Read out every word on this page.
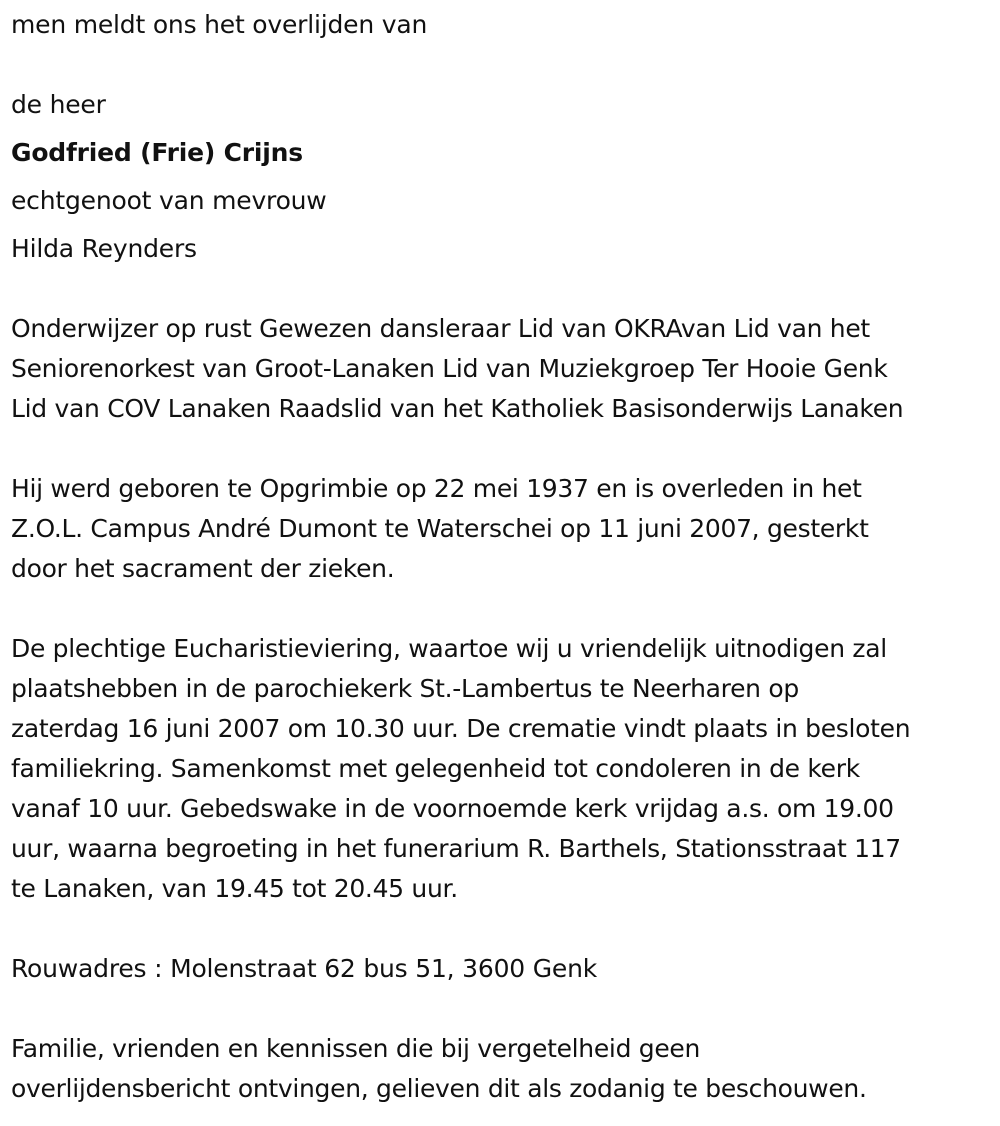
men meldt ons het overlijden van
de heer
Godfried (Frie) Crijns
echtgenoot van mevrouw
Hilda Reynders
Onderwijzer op rust Gewezen dansleraar Lid van OKRAvan Lid van het
Seniorenorkest van Groot-Lanaken Lid van Muziekgroep Ter Hooie Genk
Lid van COV Lanaken Raadslid van het Katholiek Basisonderwijs Lanaken
Hij werd geboren te Opgrimbie op 22 mei 1937 en is overleden in het
Z.O.L. Campus André Dumont te Waterschei op 11 juni 2007, gesterkt
door het sacrament der zieken.
De plechtige Eucharistieviering, waartoe wij u vriendelijk uitnodigen zal
plaatshebben in de parochiekerk St.-Lambertus te Neerharen op
zaterdag 16 juni 2007 om 10.30 uur. De crematie vindt plaats in besloten
familiekring. Samenkomst met gelegenheid tot condoleren in de kerk
vanaf 10 uur. Gebedswake in de voornoemde kerk vrijdag a.s. om 19.00
uur, waarna begroeting in het funerarium R. Barthels, Stationsstraat 117
te Lanaken, van 19.45 tot 20.45 uur.
Rouwadres : Molenstraat 62 bus 51, 3600 Genk
Familie, vrienden en kennissen die bij vergetelheid geen
overlijdensbericht ontvingen, gelieven dit als zodanig te beschouwen.
